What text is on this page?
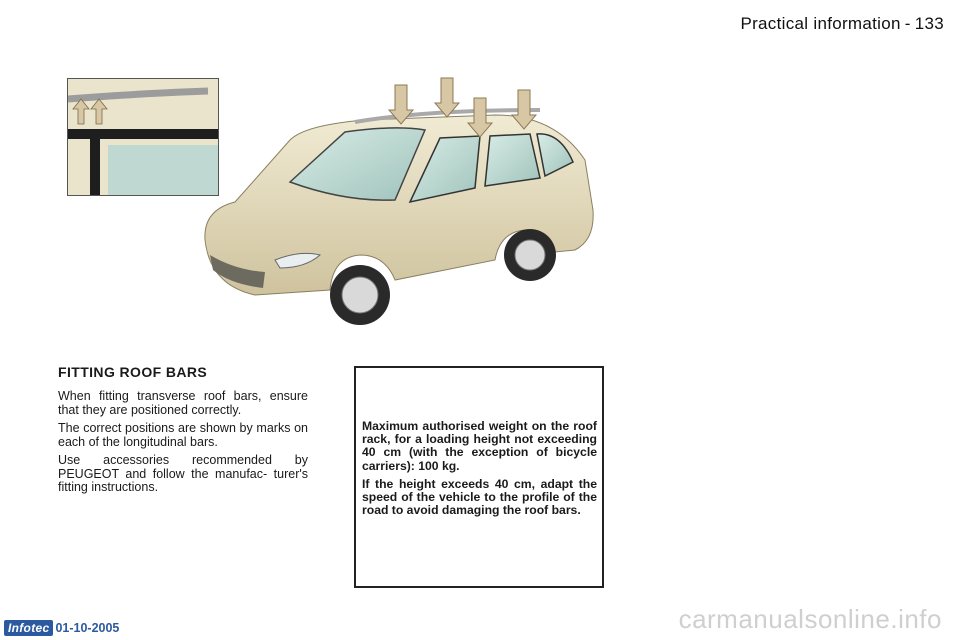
Practical information - 133
FITTING ROOF BARS

When fitting transverse roof bars, ensure that they are positioned correctly.

The correct positions are shown by marks on each of the longitudinal bars.

Use accessories recommended by PEUGEOT and follow the manufac- turer's fitting instructions.

Maximum authorised weight on the roof rack, for a loading height not exceeding 40 cm (with the exception of bicycle carriers): 100 kg.

If the height exceeds 40 cm, adapt the speed of the vehicle to the profile of the road to avoid damaging the roof bars.

Infotec 01-10-2005	carmanualsonline.info
